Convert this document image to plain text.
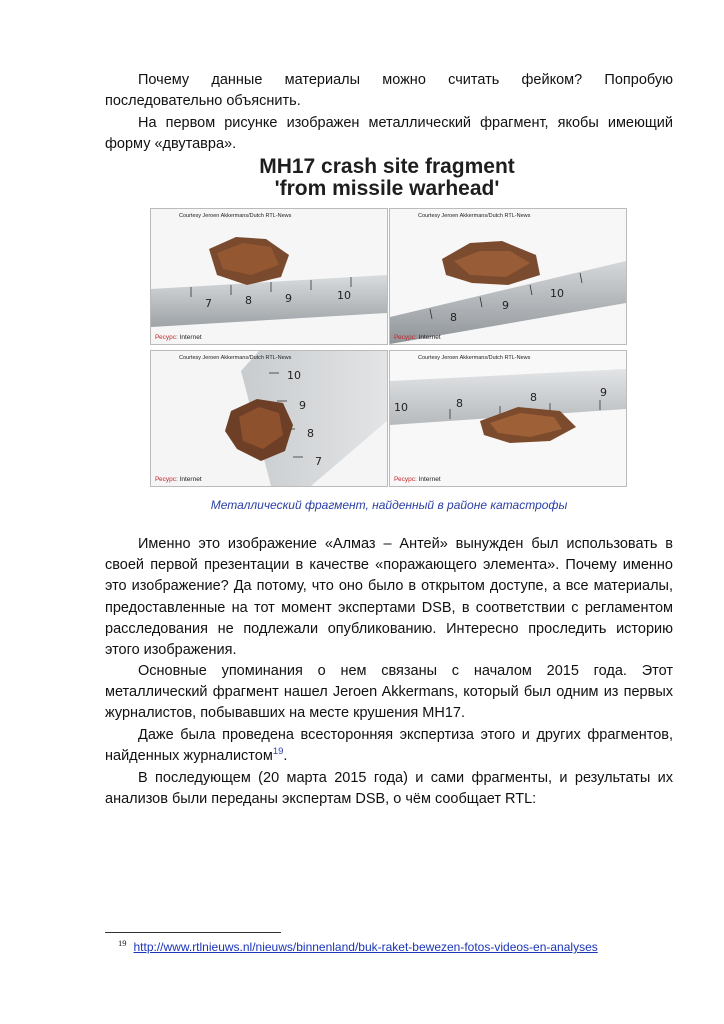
Почему данные материалы можно считать фейком? Попробую последовательно объяснить.

На первом рисунке изображен металлический фрагмент, якобы имеющий форму «двутавра».

MH17 crash site fragment
'from missile warhead'
7	8	9	10
Courtesy Jeroen Akkermans/Dutch RTL-News
Ресурс: Internet
8
9
10
Courtesy Jeroen Akkermans/Dutch RTL-News
Ресурс: Internet
10
9
8
7
Courtesy Jeroen Akkermans/Dutch RTL-News
Ресурс: Internet
10	8	8	9
Courtesy Jeroen Akkermans/Dutch RTL-News
Ресурс: Internet

Металлический фрагмент, найденный в районе катастрофы

Именно это изображение «Алмаз – Антей» вынужден был использовать в своей первой презентации в качестве «поражающего элемента». Почему именно это изображение? Да потому, что оно было в открытом доступе, а все материалы, предоставленные на тот момент экспертами DSB, в соответствии с регламентом расследования не подлежали опубликованию. Интересно проследить историю этого изображения.

Основные упоминания о нем связаны с началом 2015 года. Этот металлический фрагмент нашел Jeroen Akkermans, который был одним из первых журналистов, побывавших на месте крушения MH17.

Даже была проведена всесторонняя экспертиза этого и других фрагментов, найденных журналистом$^{19}$.

В последующем (20 марта 2015 года) и сами фрагменты, и результаты их анализов были переданы экспертам DSB, о чём сообщает RTL:

$^{19}$ http://www.rtlnieuws.nl/nieuws/binnenland/buk-raket-bewezen-fotos-videos-en-analyses
